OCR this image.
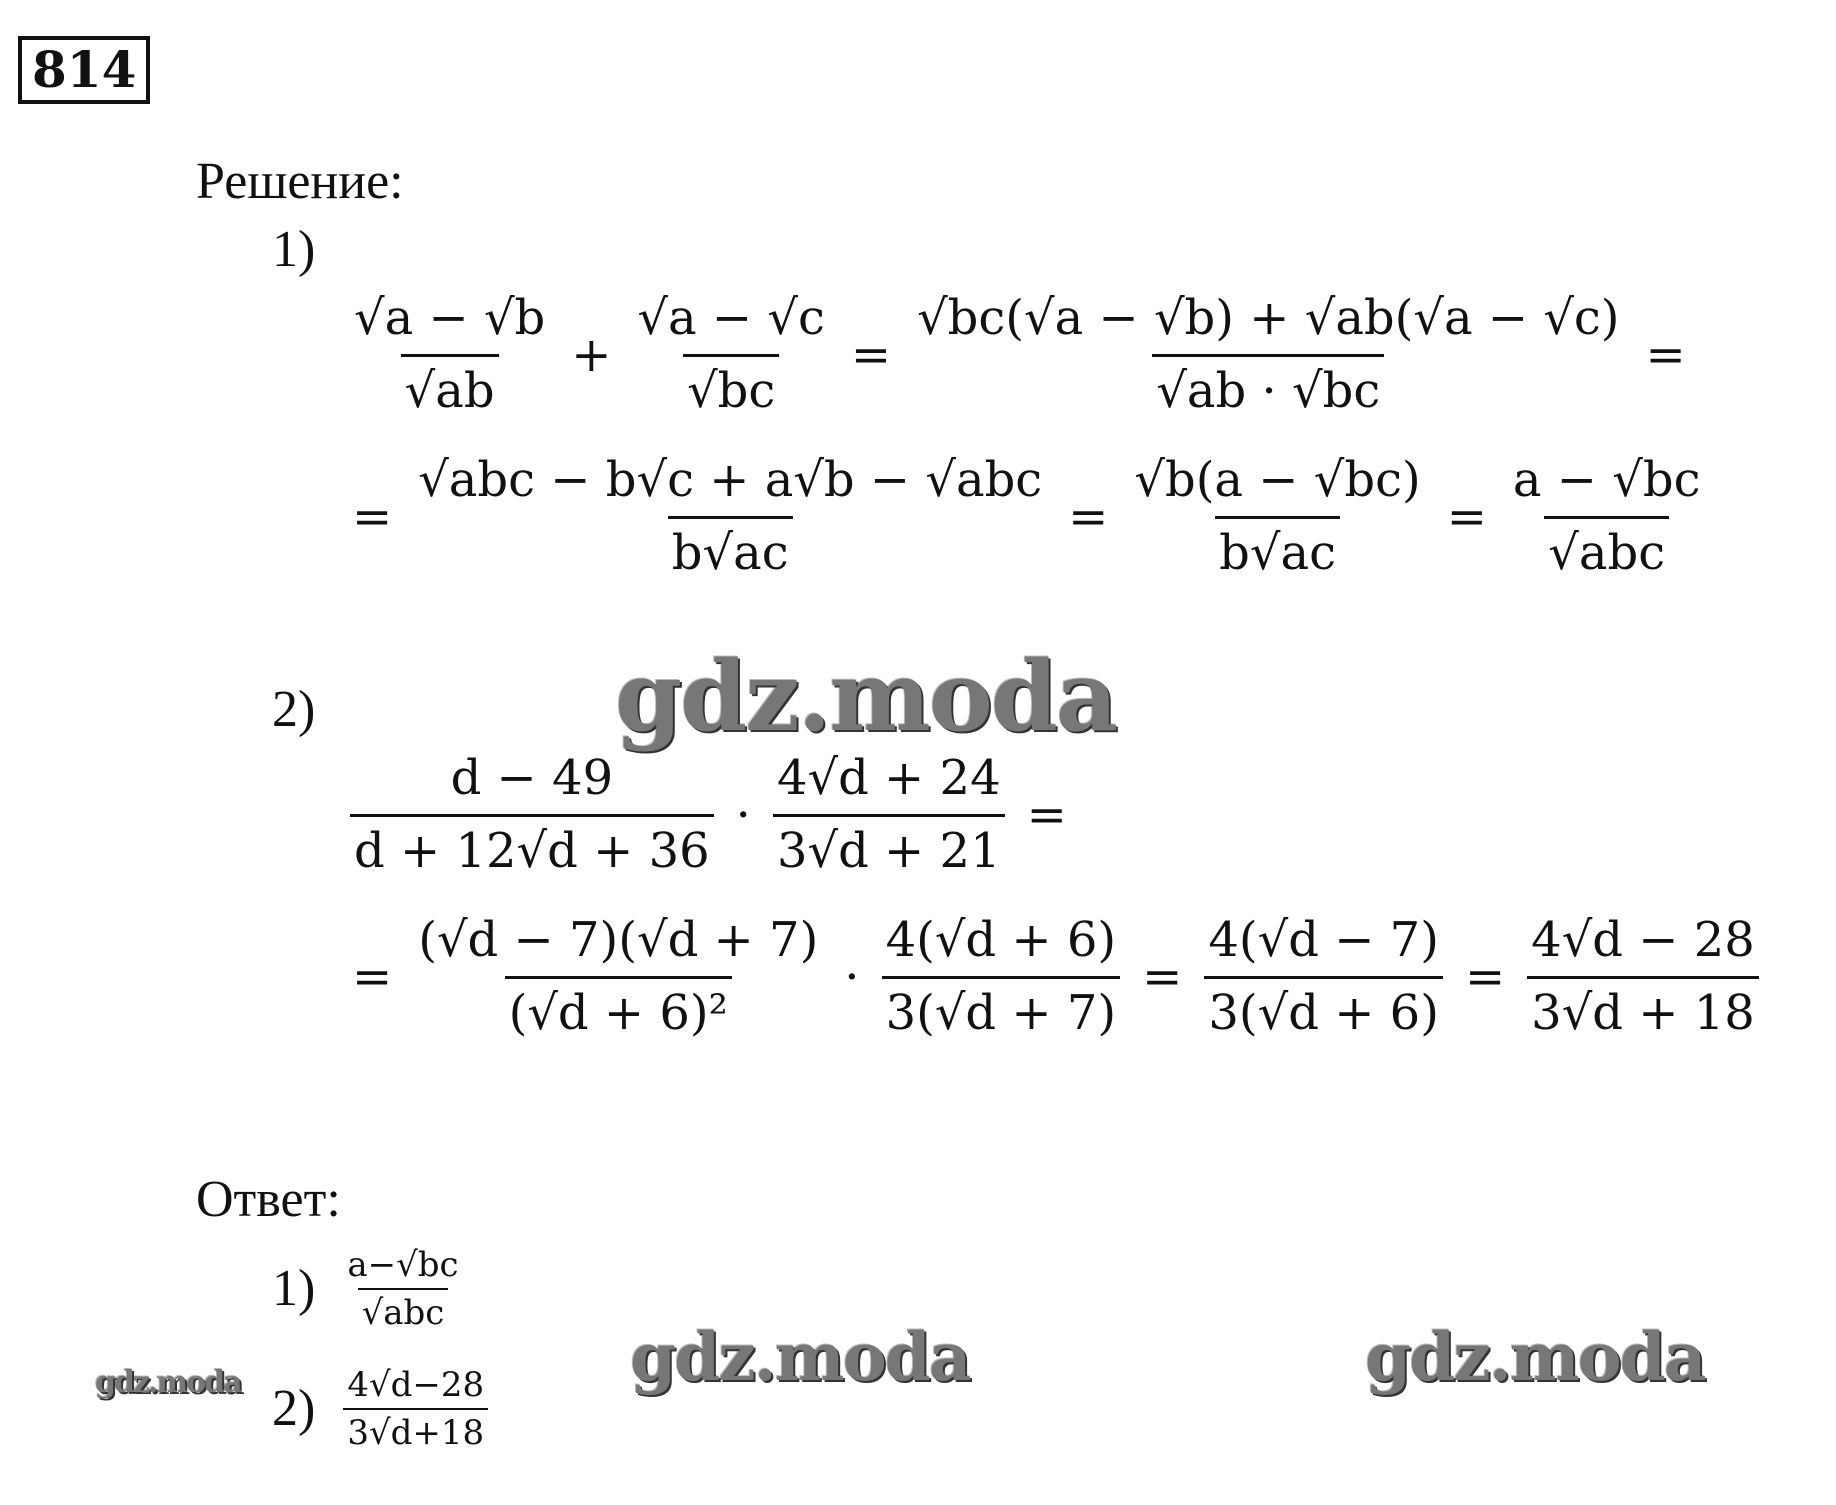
814
Решение:
1)
$\frac{√a - √b}{√ab} + \frac{√a - √c}{√bc} = \frac{√bc(√a - √b) + √ab(√a - √c)}{√ab \cdot √bc}$ =
= $\frac{\text{√abc − b√c + a√b − √abc}}{b√ac} = \frac{√b(a - √bc)}{b√ac} = \frac{a - √bc}{\text{√abc}}$
gdz.moda
2)
$\frac{d - 49}{d + 12√d + 36} \cdot \frac{4√d + 24}{3√d + 21}$ =
= $\frac{(√d - 7)(√d + 7)}{\text{(√d + 6)²}} \cdot \frac{4(√d + 6)}{3(√d + 7)} = \frac{4(√d - 7)}{3(√d + 6)} = \frac{4√d - 28}{3√d + 18}$
Ответ:
$1) \frac{a-√bc}{\text{√abc}}$
$2) \frac{4√d-28}{3√d+18}$
gdz.moda	gdz.moda	gdz.moda
